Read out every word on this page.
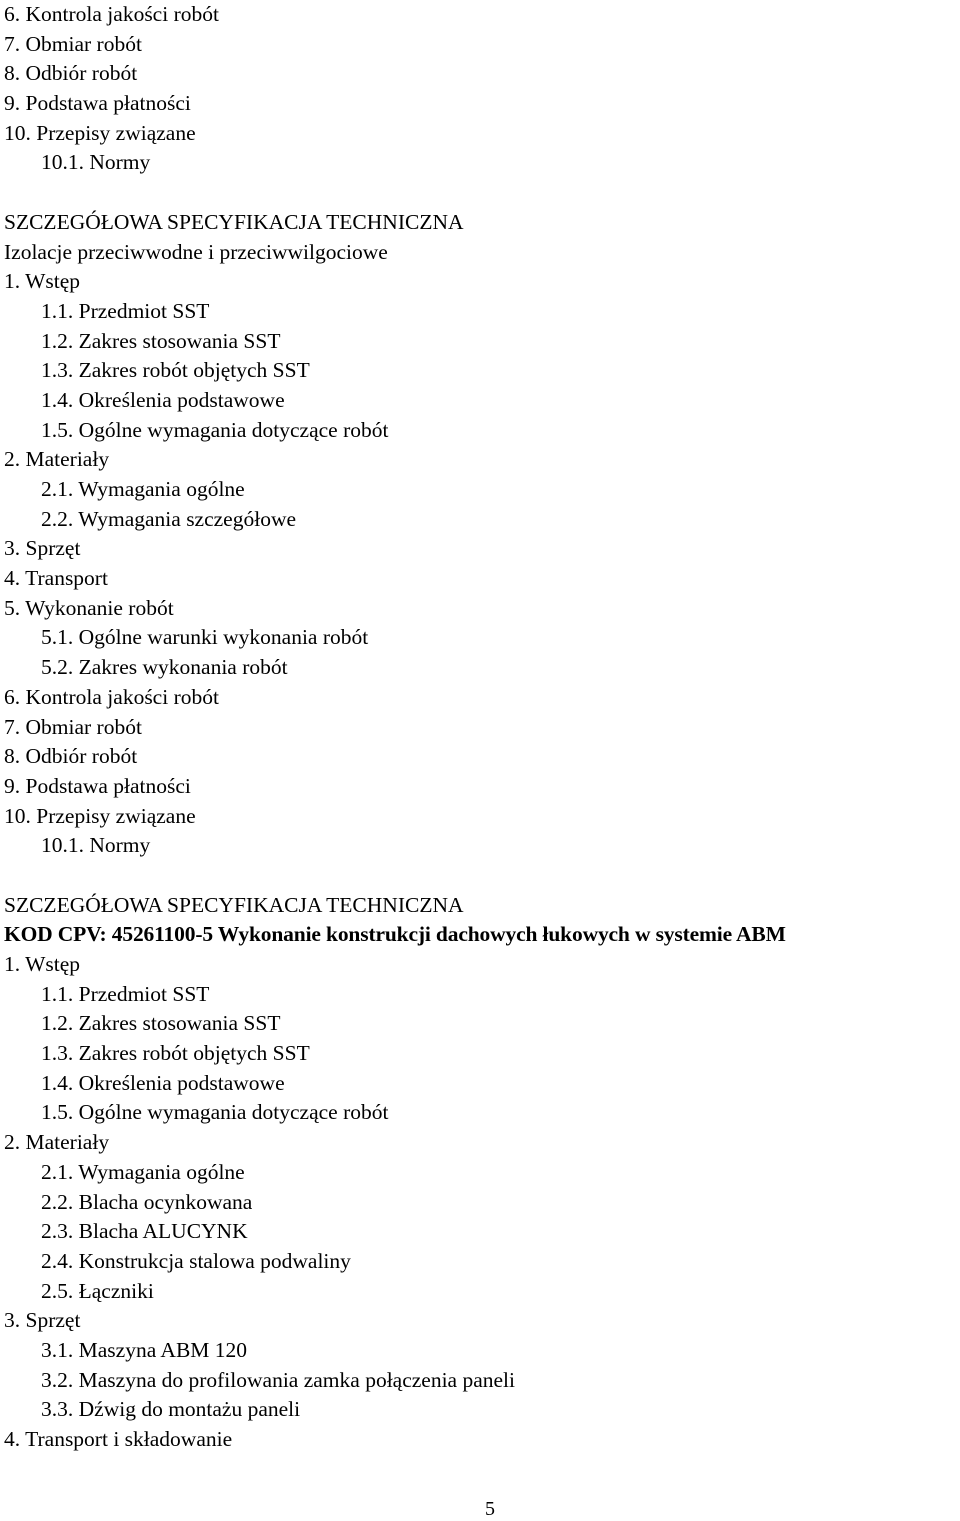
6. Kontrola jakości robót
7. Obmiar robót
8. Odbiór robót
9. Podstawa płatności
10. Przepisy związane
10.1. Normy
SZCZEGÓŁOWA SPECYFIKACJA TECHNICZNA
Izolacje przeciwwodne i przeciwwilgociowe
1. Wstęp
1.1. Przedmiot SST
1.2. Zakres stosowania SST
1.3. Zakres robót objętych SST
1.4. Określenia podstawowe
1.5. Ogólne wymagania dotyczące robót
2. Materiały
2.1. Wymagania ogólne
2.2. Wymagania szczegółowe
3. Sprzęt
4. Transport
5. Wykonanie robót
5.1. Ogólne warunki wykonania robót
5.2. Zakres wykonania robót
6. Kontrola jakości robót
7. Obmiar robót
8. Odbiór robót
9. Podstawa płatności
10. Przepisy związane
10.1. Normy
SZCZEGÓŁOWA SPECYFIKACJA TECHNICZNA
KOD CPV: 45261100-5 Wykonanie konstrukcji dachowych łukowych w systemie ABM
1. Wstęp
1.1. Przedmiot SST
1.2. Zakres stosowania SST
1.3. Zakres robót objętych SST
1.4. Określenia podstawowe
1.5. Ogólne wymagania dotyczące robót
2. Materiały
2.1. Wymagania ogólne
2.2. Blacha ocynkowana
2.3. Blacha ALUCYNK
2.4. Konstrukcja stalowa podwaliny
2.5. Łączniki
3. Sprzęt
3.1. Maszyna ABM 120
3.2. Maszyna do profilowania zamka połączenia paneli
3.3. Dźwig do montażu paneli
4. Transport i składowanie
5
